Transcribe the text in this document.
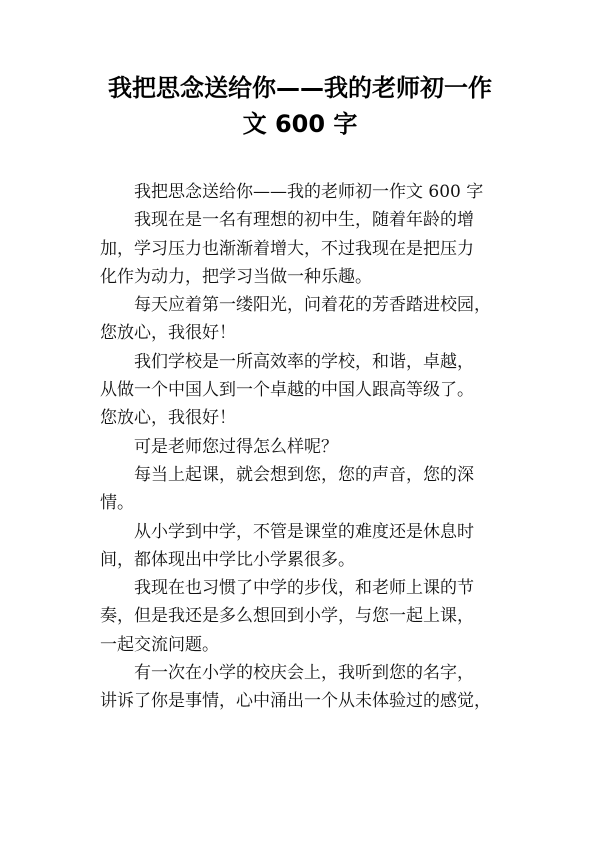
我把思念送给你——我的老师初一作
文 600 字

我把思念送给你——我的老师初一作文 600 字

我现在是一名有理想的初中生，随着年龄的增
加，学习压力也渐渐着增大，不过我现在是把压力
化作为动力，把学习当做一种乐趣。

每天应着第一缕阳光，问着花的芳香踏进校园，
您放心，我很好！

我们学校是一所高效率的学校，和谐，卓越，
从做一个中国人到一个卓越的中国人跟高等级了。
您放心，我很好！

可是老师您过得怎么样呢？

每当上起课，就会想到您，您的声音，您的深
情。

从小学到中学，不管是课堂的难度还是休息时
间，都体现出中学比小学累很多。

我现在也习惯了中学的步伐，和老师上课的节
奏，但是我还是多么想回到小学，与您一起上课，
一起交流问题。

有一次在小学的校庆会上，我听到您的名字，
讲诉了你是事情，心中涌出一个从未体验过的感觉，
